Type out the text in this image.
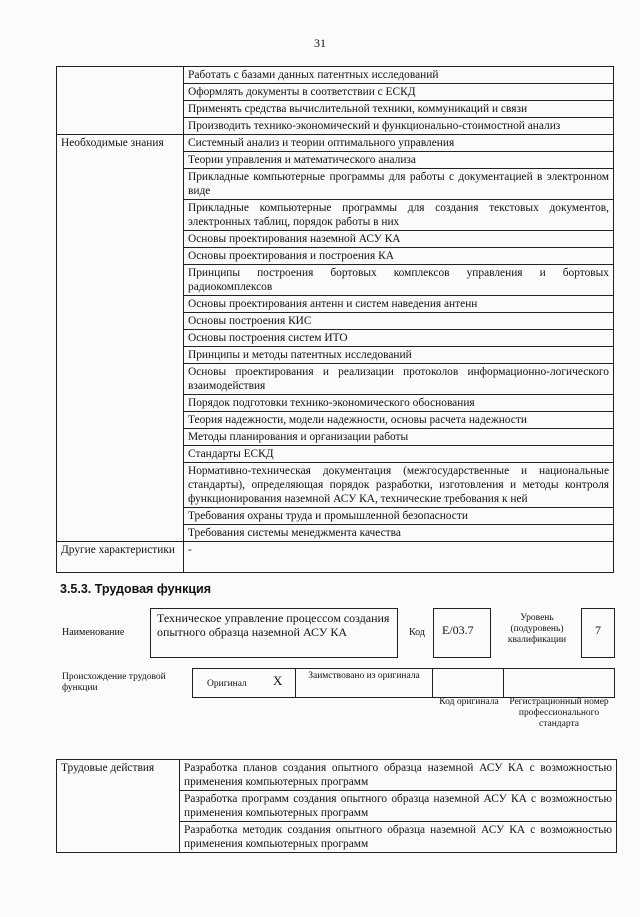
31
	Работать с базами данных патентных исследований
	Оформлять документы в соответствии с ЕСКД
	Применять средства вычислительной техники, коммуникаций и связи
	Производить технико-экономический и функционально-стоимостной анализ
Необходимые знания	Системный анализ и теории оптимального управления
	Теории управления и математического анализа
	Прикладные компьютерные программы для работы с документацией в электронном виде
	Прикладные компьютерные программы для создания текстовых документов, электронных таблиц, порядок работы в них
	Основы проектирования наземной АСУ КА
	Основы проектирования и построения КА
	Принципы построения бортовых комплексов управления и бортовых радиокомплексов
	Основы проектирования антенн и систем наведения антенн
	Основы построения КИС
	Основы построения систем ИТО
	Принципы и методы патентных исследований
	Основы проектирования и реализации протоколов информационно-логического взаимодействия
	Порядок подготовки технико-экономического обоснования
	Теория надежности, модели надежности, основы расчета надежности
	Методы планирования и организации работы
	Стандарты ЕСКД
	Нормативно-техническая документация (межгосударственные и национальные стандарты), определяющая порядок разработки, изготовления и методы контроля функционирования наземной АСУ КА, технические требования к ней
	Требования охраны труда и промышленной безопасности
	Требования системы менеджмента качества
Другие характеристики	-
3.5.3. Трудовая функция
Наименование
Техническое управление процессом создания опытного образца наземной АСУ КА	Код	E/03.7
Уровень (подуровень) квалификации
7
Происхождение трудовой функции	Оригинал X	Заимствовано из оригинала
Код оригинала Регистрационный номер профессионального стандарта
Трудовые действия	Разработка планов создания опытного образца наземной АСУ КА с возможностью применения компьютерных программ
Разработка программ создания опытного образца наземной АСУ КА с возможностью применения компьютерных программ
Разработка методик создания опытного образца наземной АСУ КА с возможностью применения компьютерных программ
